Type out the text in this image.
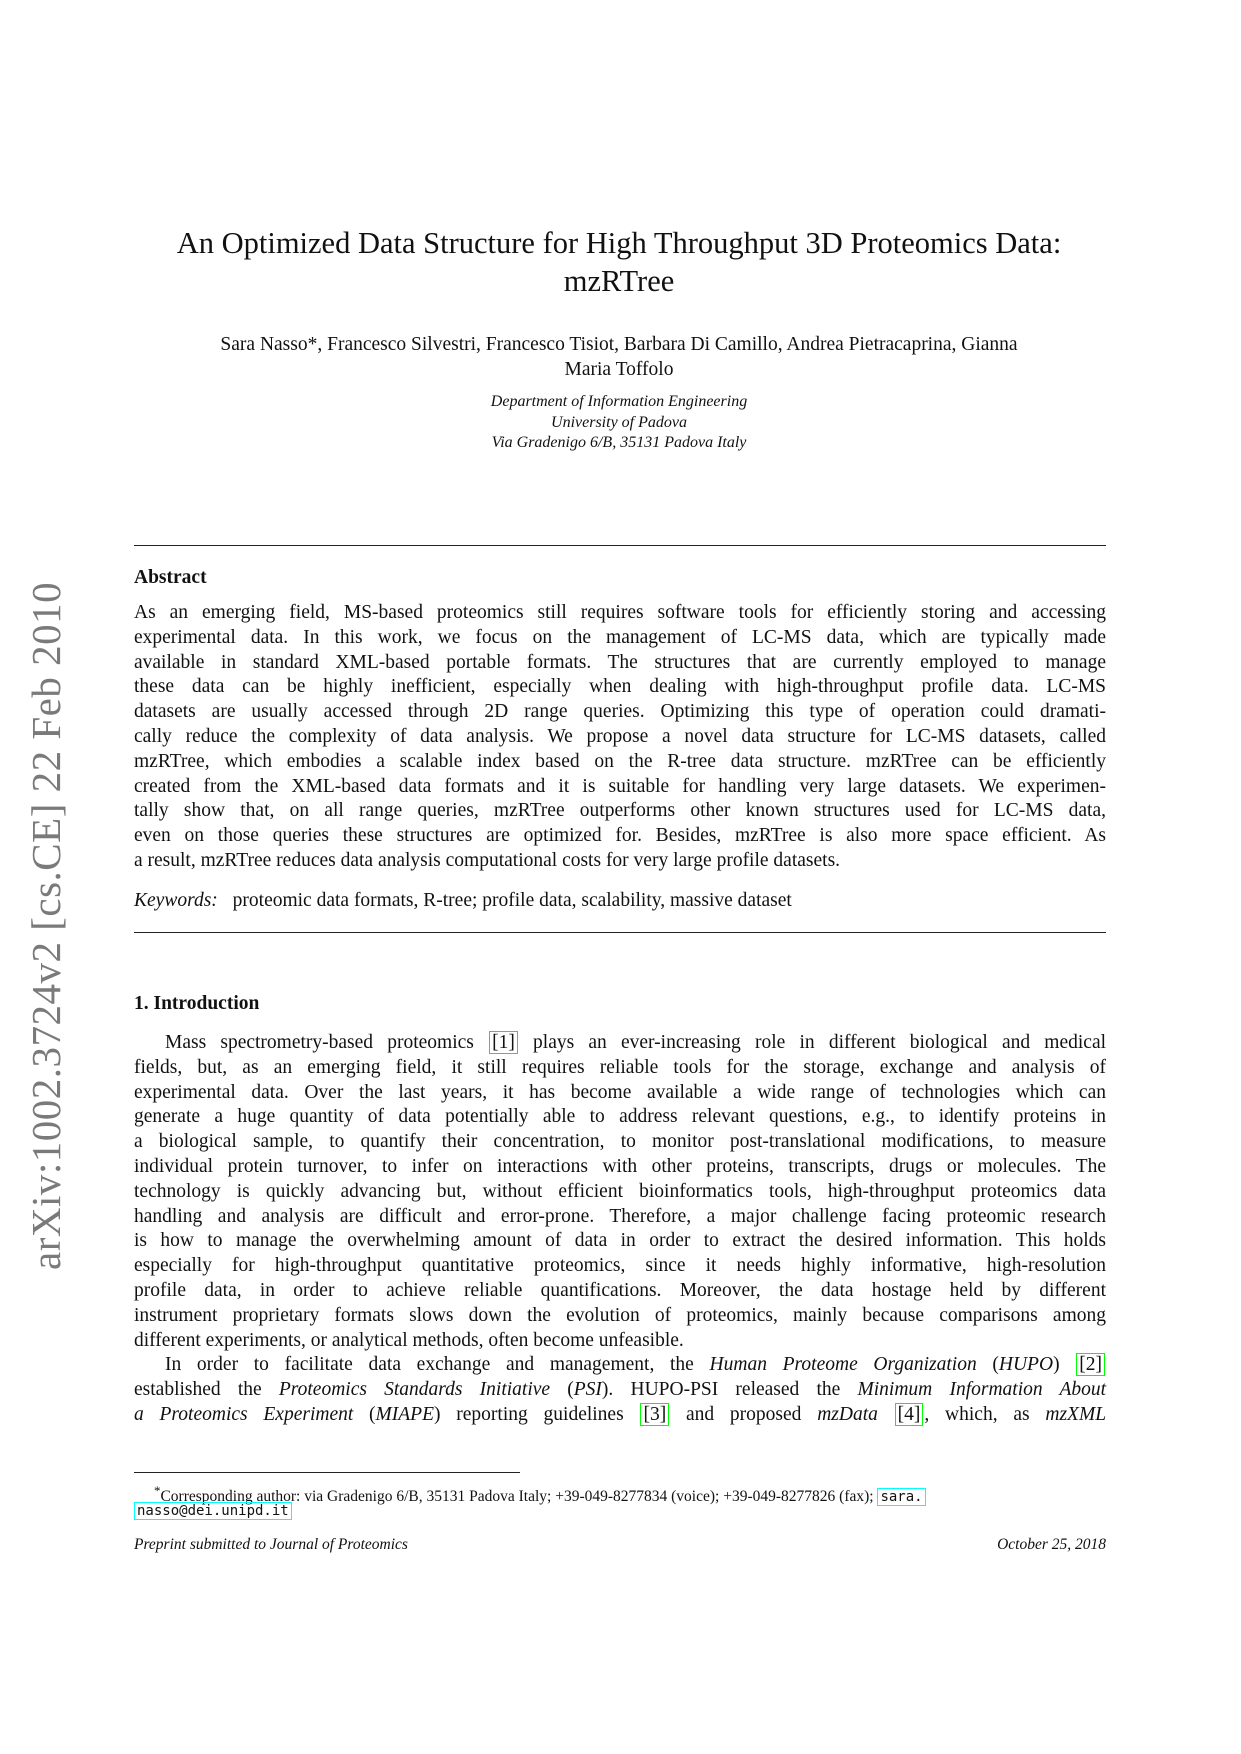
arXiv:1002.3724v2 [cs.CE] 22 Feb 2010
An Optimized Data Structure for High Throughput 3D Proteomics Data:
mzRTree
Sara Nasso*, Francesco Silvestri, Francesco Tisiot, Barbara Di Camillo, Andrea Pietracaprina, Gianna
Maria Toffolo
Department of Information Engineering
University of Padova
Via Gradenigo 6/B, 35131 Padova Italy
Abstract
As an emerging field, MS-based proteomics still requires software tools for efficiently storing and accessing
experimental data. In this work, we focus on the management of LC-MS data, which are typically made
available in standard XML-based portable formats. The structures that are currently employed to manage
these data can be highly inefficient, especially when dealing with high-throughput profile data. LC-MS
datasets are usually accessed through 2D range queries. Optimizing this type of operation could dramati-
cally reduce the complexity of data analysis. We propose a novel data structure for LC-MS datasets, called
mzRTree, which embodies a scalable index based on the R-tree data structure. mzRTree can be efficiently
created from the XML-based data formats and it is suitable for handling very large datasets. We experimen-
tally show that, on all range queries, mzRTree outperforms other known structures used for LC-MS data,
even on those queries these structures are optimized for. Besides, mzRTree is also more space efficient. As
a result, mzRTree reduces data analysis computational costs for very large profile datasets.
Keywords: proteomic data formats, R-tree; profile data, scalability, massive dataset
1. Introduction
Mass spectrometry-based proteomics [1] plays an ever-increasing role in different biological and medical
fields, but, as an emerging field, it still requires reliable tools for the storage, exchange and analysis of
experimental data. Over the last years, it has become available a wide range of technologies which can
generate a huge quantity of data potentially able to address relevant questions, e.g., to identify proteins in
a biological sample, to quantify their concentration, to monitor post-translational modifications, to measure
individual protein turnover, to infer on interactions with other proteins, transcripts, drugs or molecules. The
technology is quickly advancing but, without efficient bioinformatics tools, high-throughput proteomics data
handling and analysis are difficult and error-prone. Therefore, a major challenge facing proteomic research
is how to manage the overwhelming amount of data in order to extract the desired information. This holds
especially for high-throughput quantitative proteomics, since it needs highly informative, high-resolution
profile data, in order to achieve reliable quantifications. Moreover, the data hostage held by different
instrument proprietary formats slows down the evolution of proteomics, mainly because comparisons among
different experiments, or analytical methods, often become unfeasible.
In order to facilitate data exchange and management, the Human Proteome Organization (HUPO) [2]
established the Proteomics Standards Initiative (PSI). HUPO-PSI released the Minimum Information About
a Proteomics Experiment (MIAPE) reporting guidelines [3] and proposed mzData [4] , which, as mzXML
*Corresponding author: via Gradenigo 6/B, 35131 Padova Italy; +39-049-8277834 (voice); +39-049-8277826 (fax); sara.
nasso@dei.unipd.it
Preprint submitted to Journal of Proteomics	October 25, 2018
